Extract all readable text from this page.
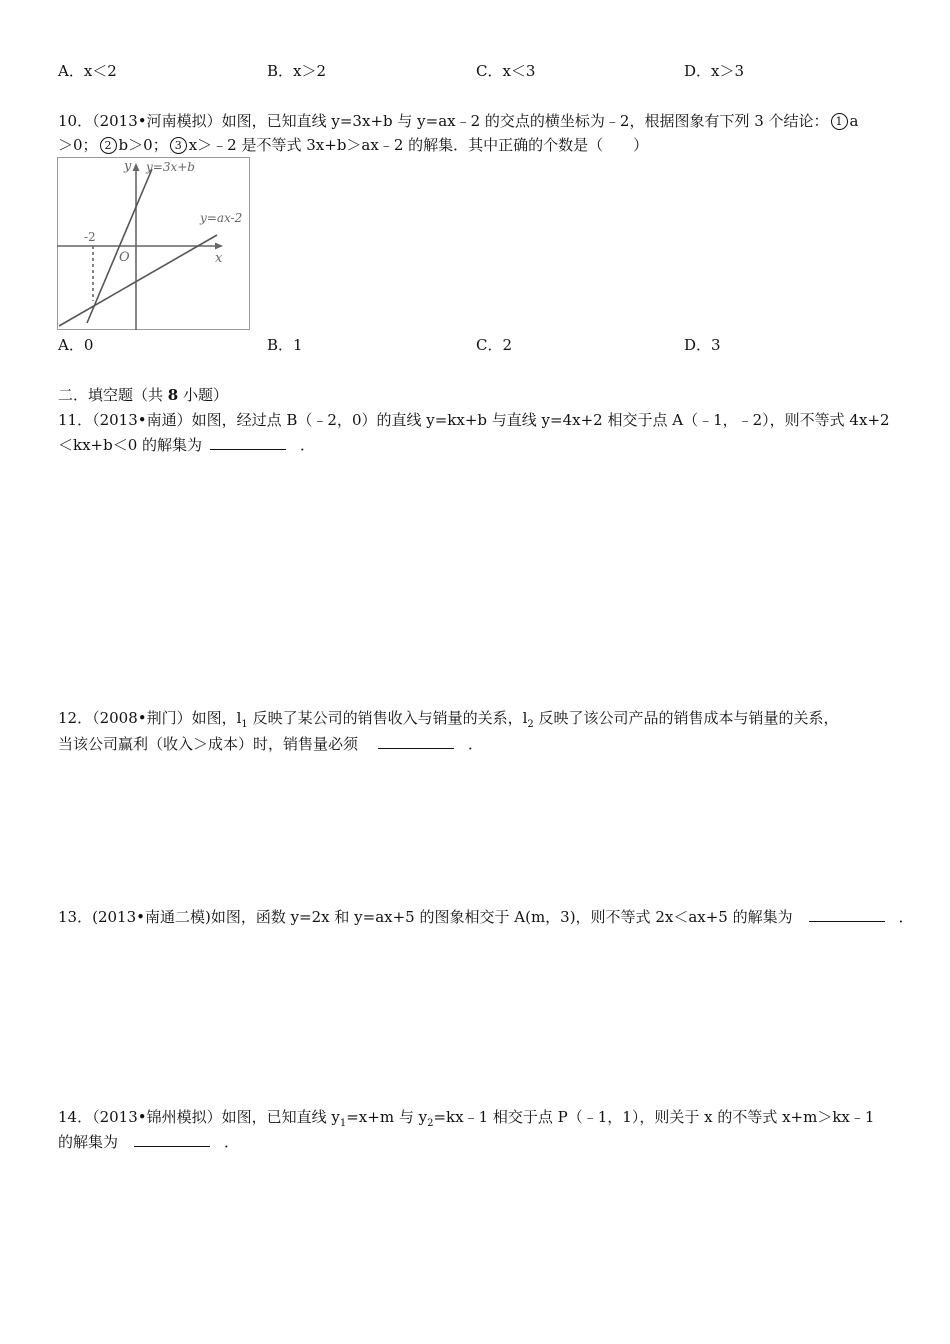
A．x＜2	B．x＞2	C．x＜3	D．x＞3
10．（2013•河南模拟）如图，已知直线 y=3x+b 与 y=ax﹣2 的交点的横坐标为﹣2，根据图象有下列 3 个结论： 1 a
＞0； 2 b＞0； 3 x＞﹣2 是不等式 3x+b＞ax﹣2 的解集．其中正确的个数是（　　）
y
x
O
-2
y=3x+b
y=ax-2
A．0	B．1	C．2	D．3
二．填空题（共 8 小题）
11．（2013•南通）如图，经过点 B（﹣2，0）的直线 y=kx+b 与直线 y=4x+2 相交于点 A（﹣1，﹣2），则不等式 4x+2
＜kx+b＜0 的解集为	．
12．（2008•荆门）如图，$l_1$ 反映了某公司的销售收入与销量的关系，$l_2$ 反映了该公司产品的销售成本与销量的关系，
当该公司赢利（收入＞成本）时，销售量必须	．
13．(2013•南通二模)如图，函数 y=2x 和 y=ax+5 的图象相交于 A(m，3)，则不等式 2x＜ax+5 的解集为	．
14．（2013•锦州模拟）如图，已知直线 $y_1=x+m$ 与 $y_2=kx﹣1$ 相交于点 P（﹣1，1），则关于 x 的不等式 x+m＞kx﹣1
的解集为	．
